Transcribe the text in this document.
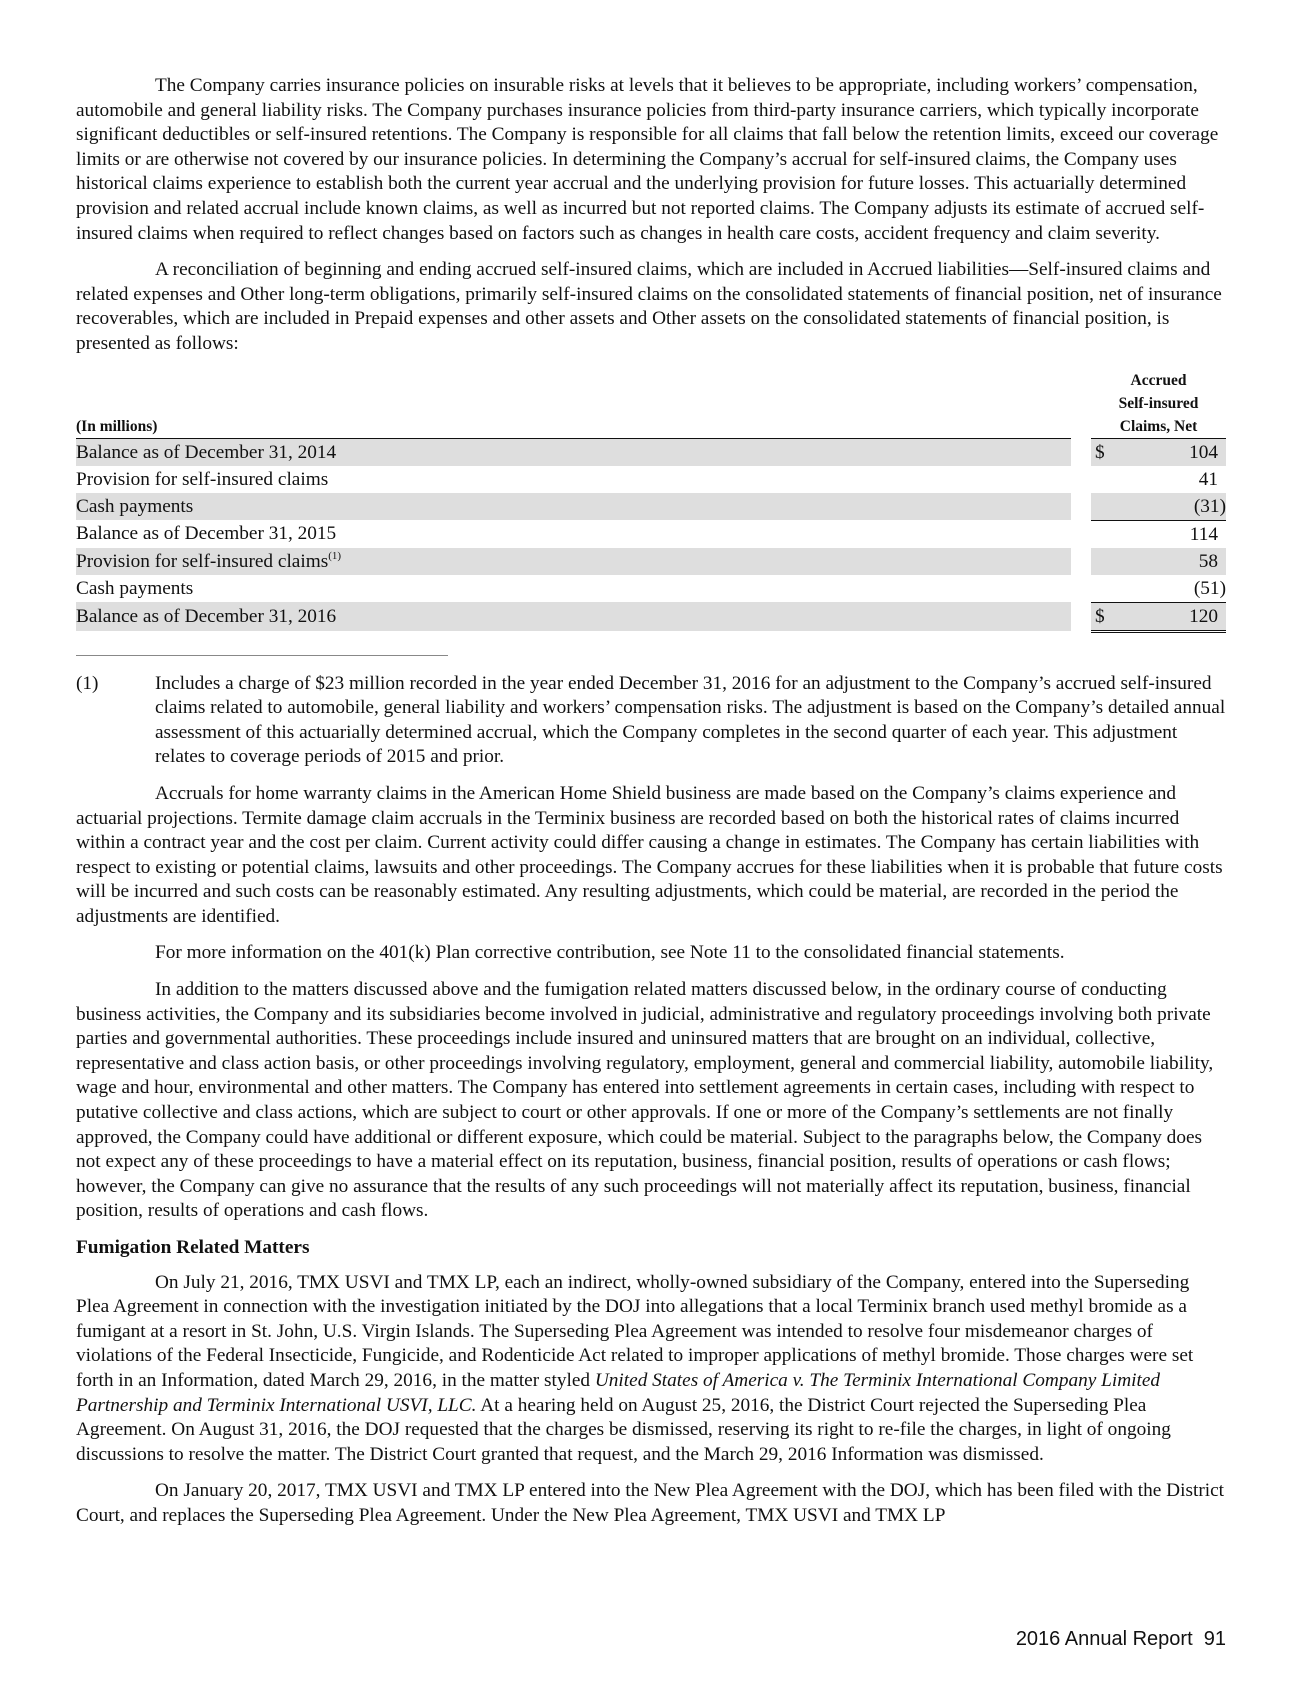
The Company carries insurance policies on insurable risks at levels that it believes to be appropriate, including workers’ compensation, automobile and general liability risks. The Company purchases insurance policies from third-party insurance carriers, which typically incorporate significant deductibles or self-insured retentions. The Company is responsible for all claims that fall below the retention limits, exceed our coverage limits or are otherwise not covered by our insurance policies. In determining the Company’s accrual for self-insured claims, the Company uses historical claims experience to establish both the current year accrual and the underlying provision for future losses. This actuarially determined provision and related accrual include known claims, as well as incurred but not reported claims. The Company adjusts its estimate of accrued self-insured claims when required to reflect changes based on factors such as changes in health care costs, accident frequency and claim severity.

A reconciliation of beginning and ending accrued self-insured claims, which are included in Accrued liabilities—Self-insured claims and related expenses and Other long-term obligations, primarily self-insured claims on the consolidated statements of financial position, net of insurance recoverables, which are included in Prepaid expenses and other assets and Other assets on the consolidated statements of financial position, is presented as follows:

(In millions)		Accrued
Self-insured
Claims, Net	
Balance as of December 31, 2014		$	104
Provision for self-insured claims			41
Cash payments			(31)
Balance as of December 31, 2015			114
Provision for self-insured claims$^{(1)}$			58
Cash payments			(51)
Balance as of December 31, 2016		$	120
(1)	Includes a charge of $23 million recorded in the year ended December 31, 2016 for an adjustment to the Company’s accrued self-insured claims related to automobile, general liability and workers’ compensation risks. The adjustment is based on the Company’s detailed annual assessment of this actuarially determined accrual, which the Company completes in the second quarter of each year. This adjustment relates to coverage periods of 2015 and prior.

Accruals for home warranty claims in the American Home Shield business are made based on the Company’s claims experience and actuarial projections. Termite damage claim accruals in the Terminix business are recorded based on both the historical rates of claims incurred within a contract year and the cost per claim. Current activity could differ causing a change in estimates. The Company has certain liabilities with respect to existing or potential claims, lawsuits and other proceedings. The Company accrues for these liabilities when it is probable that future costs will be incurred and such costs can be reasonably estimated. Any resulting adjustments, which could be material, are recorded in the period the adjustments are identified.

For more information on the 401(k) Plan corrective contribution, see Note 11 to the consolidated financial statements.

In addition to the matters discussed above and the fumigation related matters discussed below, in the ordinary course of conducting business activities, the Company and its subsidiaries become involved in judicial, administrative and regulatory proceedings involving both private parties and governmental authorities. These proceedings include insured and uninsured matters that are brought on an individual, collective, representative and class action basis, or other proceedings involving regulatory, employment, general and commercial liability, automobile liability, wage and hour, environmental and other matters. The Company has entered into settlement agreements in certain cases, including with respect to putative collective and class actions, which are subject to court or other approvals. If one or more of the Company’s settlements are not finally approved, the Company could have additional or different exposure, which could be material. Subject to the paragraphs below, the Company does not expect any of these proceedings to have a material effect on its reputation, business, financial position, results of operations or cash flows; however, the Company can give no assurance that the results of any such proceedings will not materially affect its reputation, business, financial position, results of operations and cash flows.

Fumigation Related Matters

On July 21, 2016, TMX USVI and TMX LP, each an indirect, wholly-owned subsidiary of the Company, entered into the Superseding Plea Agreement in connection with the investigation initiated by the DOJ into allegations that a local Terminix branch used methyl bromide as a fumigant at a resort in St. John, U.S. Virgin Islands. The Superseding Plea Agreement was intended to resolve four misdemeanor charges of violations of the Federal Insecticide, Fungicide, and Rodenticide Act related to improper applications of methyl bromide. Those charges were set forth in an Information, dated March 29, 2016, in the matter styled United States of America v. The Terminix International Company Limited Partnership and Terminix International USVI, LLC. At a hearing held on August 25, 2016, the District Court rejected the Superseding Plea Agreement. On August 31, 2016, the DOJ requested that the charges be dismissed, reserving its right to re-file the charges, in light of ongoing discussions to resolve the matter. The District Court granted that request, and the March 29, 2016 Information was dismissed.

On January 20, 2017, TMX USVI and TMX LP entered into the New Plea Agreement with the DOJ, which has been filed with the District Court, and replaces the Superseding Plea Agreement. Under the New Plea Agreement, TMX USVI and TMX LP

2016 Annual Report 91
